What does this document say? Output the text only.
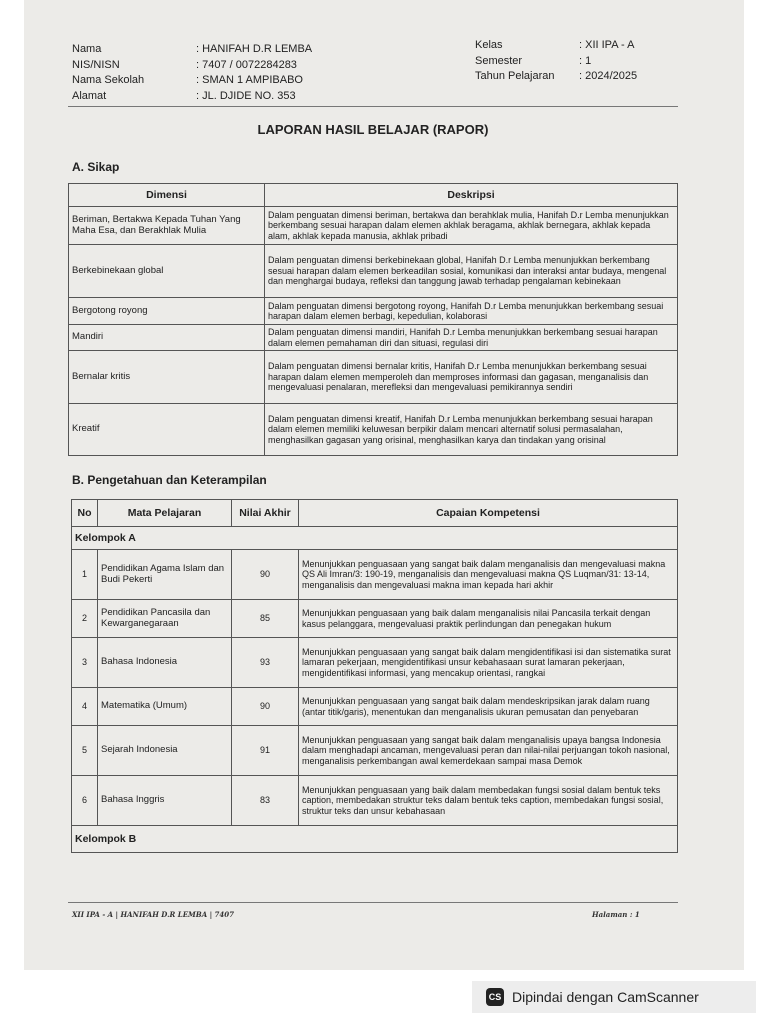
Nama	: HANIFAH D.R LEMBA
NIS/NISN	: 7407 / 0072284283
Nama Sekolah	: SMAN 1 AMPIBABO
Alamat	: JL. DJIDE NO. 353
Kelas	: XII IPA - A
Semester	: 1
Tahun Pelajaran	: 2024/2025
LAPORAN HASIL BELAJAR (RAPOR)
A. Sikap
Dimensi	Deskripsi
Beriman, Bertakwa Kepada Tuhan Yang Maha Esa, dan Berakhlak Mulia	Dalam penguatan dimensi beriman, bertakwa dan berahklak mulia, Hanifah D.r Lemba menunjukkan berkembang sesuai harapan dalam elemen akhlak beragama, akhlak bernegara, akhlak kepada alam, akhlak kepada manusia, akhlak pribadi
Berkebinekaan global	Dalam penguatan dimensi berkebinekaan global, Hanifah D.r Lemba menunjukkan berkembang sesuai harapan dalam elemen berkeadilan sosial, komunikasi dan interaksi antar budaya, mengenal dan menghargai budaya, refleksi dan tanggung jawab terhadap pengalaman kebinekaan
Bergotong royong	Dalam penguatan dimensi bergotong royong, Hanifah D.r Lemba menunjukkan berkembang sesuai harapan dalam elemen berbagi, kepedulian, kolaborasi
Mandiri	Dalam penguatan dimensi mandiri, Hanifah D.r Lemba menunjukkan berkembang sesuai harapan dalam elemen pemahaman diri dan situasi, regulasi diri
Bernalar kritis	Dalam penguatan dimensi bernalar kritis, Hanifah D.r Lemba menunjukkan berkembang sesuai harapan dalam elemen memperoleh dan memproses informasi dan gagasan, menganalisis dan mengevaluasi penalaran, merefleksi dan mengevaluasi pemikirannya sendiri
Kreatif	Dalam penguatan dimensi kreatif, Hanifah D.r Lemba menunjukkan berkembang sesuai harapan dalam elemen memiliki keluwesan berpikir dalam mencari alternatif solusi permasalahan, menghasilkan gagasan yang orisinal, menghasilkan karya dan tindakan yang orisinal
B. Pengetahuan dan Keterampilan
No	Mata Pelajaran	Nilai Akhir	Capaian Kompetensi
Kelompok A			
1	Pendidikan Agama Islam dan Budi Pekerti	90	Menunjukkan penguasaan yang sangat baik dalam menganalisis dan mengevaluasi makna QS Ali Imran/3: 190-19, menganalisis dan mengevaluasi makna QS Luqman/31: 13-14, menganalisis dan mengevaluasi makna iman kepada hari akhir
2	Pendidikan Pancasila dan Kewarganegaraan	85	Menunjukkan penguasaan yang baik dalam menganalisis nilai Pancasila terkait dengan kasus pelanggara, mengevaluasi praktik perlindungan dan penegakan hukum
3	Bahasa Indonesia	93	Menunjukkan penguasaan yang sangat baik dalam mengidentifikasi isi dan sistematika surat lamaran pekerjaan, mengidentifikasi unsur kebahasaan surat lamaran pekerjaan, mengidentifikasi informasi, yang mencakup orientasi, rangkai
4	Matematika (Umum)	90	Menunjukkan penguasaan yang sangat baik dalam mendeskripsikan jarak dalam ruang (antar titik/garis), menentukan dan menganalisis ukuran pemusatan dan penyebaran
5	Sejarah Indonesia	91	Menunjukkan penguasaan yang sangat baik dalam menganalisis upaya bangsa Indonesia dalam menghadapi ancaman, mengevaluasi peran dan nilai-nilai perjuangan tokoh nasional, menganalisis perkembangan awal kemerdekaan sampai masa Demok
6	Bahasa Inggris	83	Menunjukkan penguasaan yang baik dalam membedakan fungsi sosial dalam bentuk teks caption, membedakan struktur teks dalam bentuk teks caption, membedakan fungsi sosial, struktur teks dan unsur kebahasaan
Kelompok B			
XII IPA - A | HANIFAH D.R LEMBA | 7407	Halaman : 1
CS Dipindai dengan CamScanner
